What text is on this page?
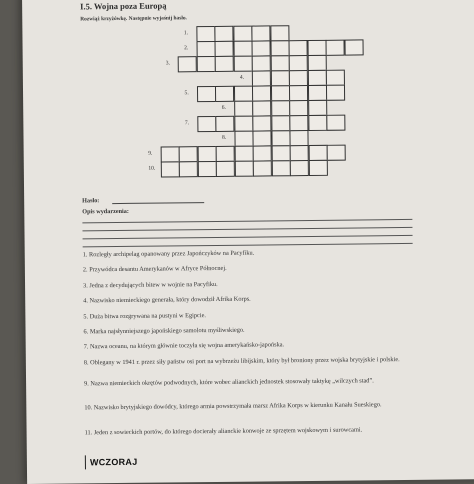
I.5. Wojna poza Europą
Rozwiąż krzyżówkę. Następnie wyjaśnij hasło.
1.
2.
3.
4.
5.
6.
7.
8.
9.
10.
Hasło:
Opis wydarzenia:
1. Rozległy archipelag opanowany przez Japończyków na Pacyfiku.
2. Przywódca desantu Amerykanów w Afryce Północnej.
3. Jedna z decydujących bitew w wojnie na Pacyfiku.
4. Nazwisko niemieckiego generała, który dowodził Afrika Korps.
5. Duża bitwa rozgrywana na pustyni w Egipcie.
6. Marka najsłynniejszego japońskiego samolotu myśliwskiego.
7. Nazwa oceanu, na którym głównie toczyła się wojna amerykańsko-japońska.
8. Oblegany w 1941 r. przez siły państw osi port na wybrzeżu libijskim, który był broniony przez wojska brytyjskie i polskie.
9. Nazwa niemieckich okrętów podwodnych, które wobec alianckich jednostek stosowały taktykę „wilczych stad”.
10. Nazwisko brytyjskiego dowódcy, którego armia powstrzymała marsz Afrika Korps w kierunku Kanału Sueskiego.
11. Jeden z sowieckich portów, do którego docierały alianckie konwoje ze sprzętem wojskowym i surowcami.
WCZORAJ
